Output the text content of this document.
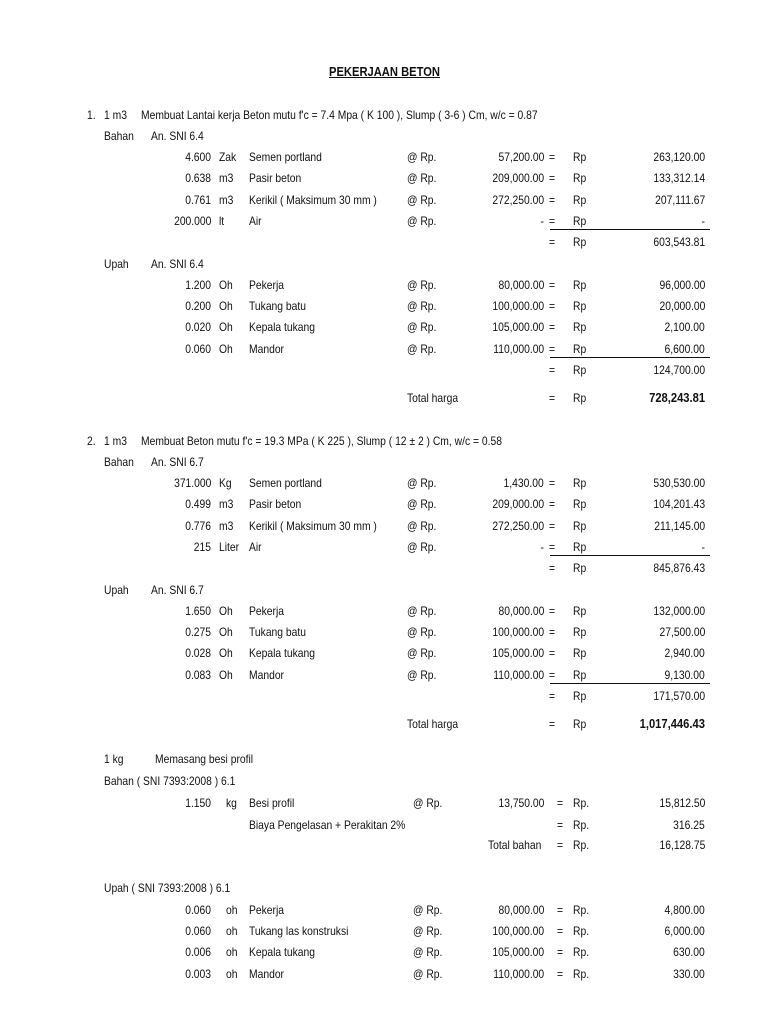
PEKERJAAN BETON
1. 1 m3 Membuat Lantai kerja Beton mutu f'c = 7.4 Mpa ( K 100 ), Slump ( 3-6 ) Cm, w/c = 0.87
Bahan An. SNI 6.4
4.600 Zak Semen portland	@ Rp.	57,200.00 = Rp	263,120.00
0.638 m3 Pasir beton	@ Rp.	209,000.00 = Rp	133,312.14
0.761 m3 Kerikil ( Maksimum 30 mm )	@ Rp.	272,250.00 = Rp	207,111.67
200.000 lt Air	@ Rp.	- = Rp	-
= Rp	603,543.81
Upah An. SNI 6.4
1.200 Oh Pekerja	@ Rp.	80,000.00 = Rp	96,000.00
0.200 Oh Tukang batu	@ Rp.	100,000.00 = Rp	20,000.00
0.020 Oh Kepala tukang	@ Rp.	105,000.00 = Rp	2,100.00
0.060 Oh Mandor	@ Rp.	110,000.00 = Rp	6,600.00
= Rp	124,700.00
Total harga	= Rp	728,243.81
2. 1 m3 Membuat Beton mutu f'c = 19.3 MPa ( K 225 ), Slump ( 12 ± 2 ) Cm, w/c = 0.58
Bahan An. SNI 6.7
371.000 Kg Semen portland	@ Rp.	1,430.00 = Rp	530,530.00
0.499 m3 Pasir beton	@ Rp.	209,000.00 = Rp	104,201.43
0.776 m3 Kerikil ( Maksimum 30 mm )	@ Rp.	272,250.00 = Rp	211,145.00
215 Liter Air	@ Rp.	- = Rp	-
= Rp	845,876.43
Upah An. SNI 6.7
1.650 Oh Pekerja	@ Rp.	80,000.00 = Rp	132,000.00
0.275 Oh Tukang batu	@ Rp.	100,000.00 = Rp	27,500.00
0.028 Oh Kepala tukang	@ Rp.	105,000.00 = Rp	2,940.00
0.083 Oh Mandor	@ Rp.	110,000.00 = Rp	9,130.00
= Rp	171,570.00
Total harga	= Rp	1,017,446.43
1 kg	Memasang besi profil
Bahan ( SNI 7393:2008 ) 6.1
1.150 kg Besi profil	@ Rp.	13,750.00 = Rp.	15,812.50
Biaya Pengelasan + Perakitan 2%	= Rp.	316.25
Total bahan = Rp.	16,128.75
Upah ( SNI 7393:2008 ) 6.1
0.060 oh Pekerja	@ Rp.	80,000.00 = Rp.	4,800.00
0.060 oh Tukang las konstruksi	@ Rp.	100,000.00 = Rp.	6,000.00
0.006 oh Kepala tukang	@ Rp.	105,000.00 = Rp.	630.00
0.003 oh Mandor	@ Rp.	110,000.00 = Rp.	330.00
